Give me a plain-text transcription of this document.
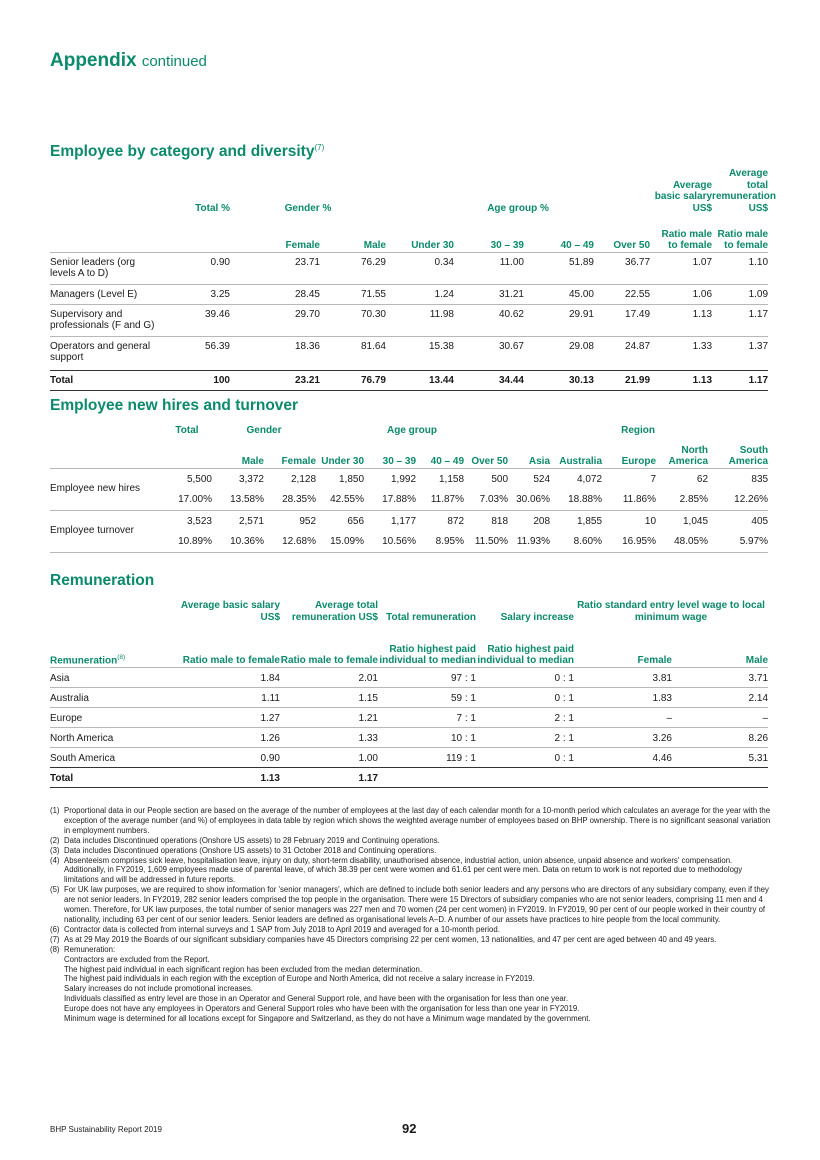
Appendix continued
Employee by category and diversity$^{(7)}$
	Total %	Gender %		Age group %				Average basic salary US$	Average total remuneration US$
		Female	Male	Under 30	30 – 39	40 – 49	Over 50	Ratio male to female	Ratio male to female
Senior leaders (org levels A to D)	0.90	23.71	76.29	0.34	11.00	51.89	36.77	1.07	1.10
Managers (Level E)	3.25	28.45	71.55	1.24	31.21	45.00	22.55	1.06	1.09
Supervisory and professionals (F and G)	39.46	29.70	70.30	11.98	40.62	29.91	17.49	1.13	1.17
Operators and general support	56.39	18.36	81.64	15.38	30.67	29.08	24.87	1.33	1.37
Total	100	23.21	76.79	13.44	34.44	30.13	21.99	1.13	1.17
Employee new hires and turnover
	Total	Gender		Age group				Region				
		Male	Female	Under 30	30 – 39	40 – 49	Over 50	Asia	Australia	Europe	North America	South America
Employee new hires	5,500	3,372	2,128	1,850	1,992	1,158	500	524	4,072	7	62	835
	17.00%	13.58%	28.35%	42.55%	17.88%	11.87%	7.03%	30.06%	18.88%	11.86%	2.85%	12.26%
Employee turnover	3,523	2,571	952	656	1,177	872	818	208	1,855	10	1,045	405
	10.89%	10.36%	12.68%	15.09%	10.56%	8.95%	11.50%	11.93%	8.60%	16.95%	48.05%	5.97%
Remuneration
	Average basic salary US$	Average total remuneration US$	Total remuneration	Salary increase	Ratio standard entry level wage to local minimum wage	
Remuneration$^{(8)}$	Ratio male to female	Ratio male to female	Ratio highest paid individual to median	Ratio highest paid individual to median	Female	Male
Asia	1.84	2.01	97 : 1	0 : 1	3.81	3.71
Australia	1.11	1.15	59 : 1	0 : 1	1.83	2.14
Europe	1.27	1.21	7 : 1	2 : 1	–	–
North America	1.26	1.33	10 : 1	2 : 1	3.26	8.26
South America	0.90	1.00	119 : 1	0 : 1	4.46	5.31
Total	1.13	1.17				
(1) Proportional data in our People section are based on the average of the number of employees at the last day of each calendar month for a 10-month period which calculates an average for the year with the exception of the average number (and %) of employees in data table by region which shows the weighted average number of employees based on BHP ownership. There is no significant seasonal variation in employment numbers.
(2) Data includes Discontinued operations (Onshore US assets) to 28 February 2019 and Continuing operations.
(3) Data includes Discontinued operations (Onshore US assets) to 31 October 2018 and Continuing operations.
(4) Absenteeism comprises sick leave, hospitalisation leave, injury on duty, short-term disability, unauthorised absence, industrial action, union absence, unpaid absence and workers' compensation. Additionally, in FY2019, 1,609 employees made use of parental leave, of which 38.39 per cent were women and 61.61 per cent were men. Data on return to work is not reported due to methodology limitations and will be addressed in future reports.
(5) For UK law purposes, we are required to show information for 'senior managers', which are defined to include both senior leaders and any persons who are directors of any subsidiary company, even if they are not senior leaders. In FY2019, 282 senior leaders comprised the top people in the organisation. There were 15 Directors of subsidiary companies who are not senior leaders, comprising 11 men and 4 women. Therefore, for UK law purposes, the total number of senior managers was 227 men and 70 women (24 per cent women) in FY2019. In FY2019, 90 per cent of our people worked in their country of nationality, including 63 per cent of our senior leaders. Senior leaders are defined as organisational levels A–D. A number of our assets have practices to hire people from the local community.
(6) Contractor data is collected from internal surveys and 1 SAP from July 2018 to April 2019 and averaged for a 10-month period.
(7) As at 29 May 2019 the Boards of our significant subsidiary companies have 45 Directors comprising 22 per cent women, 13 nationalities, and 47 per cent are aged between 40 and 49 years.
(8) Remuneration:
Contractors are excluded from the Report.
The highest paid individual in each significant region has been excluded from the median determination.
The highest paid individuals in each region with the exception of Europe and North America, did not receive a salary increase in FY2019.
Salary increases do not include promotional increases.
Individuals classified as entry level are those in an Operator and General Support role, and have been with the organisation for less than one year.
Europe does not have any employees in Operators and General Support roles who have been with the organisation for less than one year in FY2019.
Minimum wage is determined for all locations except for Singapore and Switzerland, as they do not have a Minimum wage mandated by the government.
BHP Sustainability Report 2019	92
